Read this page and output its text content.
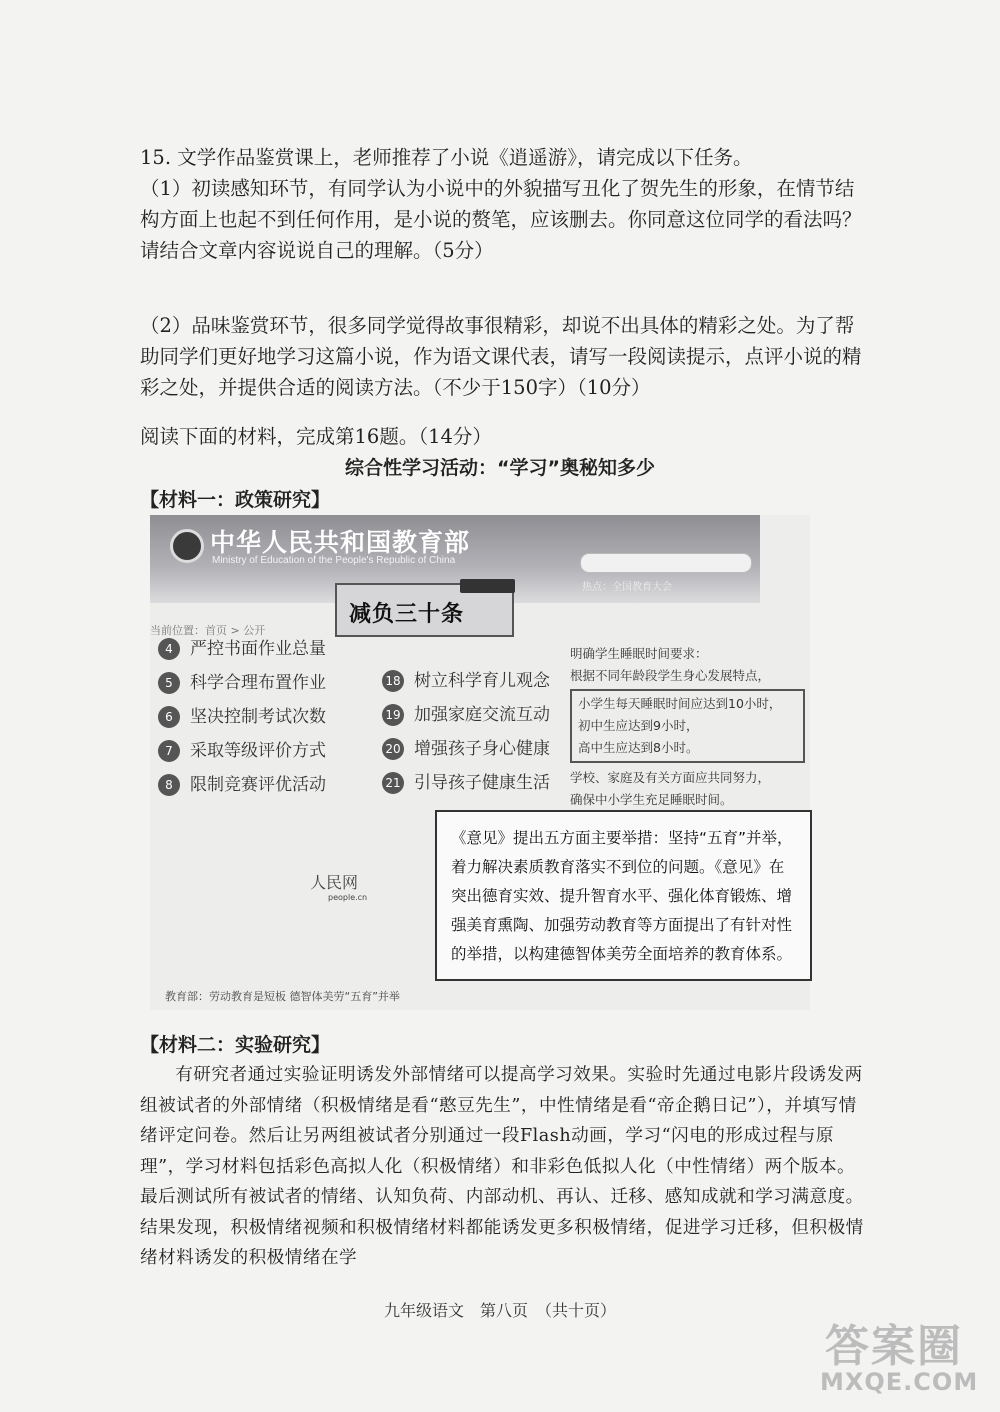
15. 文学作品鉴赏课上，老师推荐了小说《逍遥游》，请完成以下任务。

（1）初读感知环节，有同学认为小说中的外貌描写丑化了贺先生的形象，在情节结构方面上也起不到任何作用，是小说的赘笔，应该删去。你同意这位同学的看法吗？请结合文章内容说说自己的理解。（5分）

（2）品味鉴赏环节，很多同学觉得故事很精彩，却说不出具体的精彩之处。为了帮助同学们更好地学习这篇小说，作为语文课代表，请写一段阅读提示，点评小说的精彩之处，并提供合适的阅读方法。（不少于150字）（10分）

阅读下面的材料，完成第16题。（14分）

综合性学习活动：“学习”奥秘知多少
【材料一：政策研究】
中华人民共和国教育部
Ministry of Education of the People's Republic of China
热点：全国教育大会
当前位置：首页 > 公开
减负三十条
4 严控书面作业总量
5 科学合理布置作业
6 坚决控制考试次数
7 采取等级评价方式
8 限制竞赛评优活动
18 树立科学育儿观念
19 加强家庭交流互动
20 增强孩子身心健康
21 引导孩子健康生活

明确学生睡眠时间要求：

根据不同年龄段学生身心发展特点，

小学生每天睡眠时间应达到10小时，

初中生应达到9小时，

高中生应达到8小时。

学校、家庭及有关方面应共同努力，

确保中小学生充足睡眠时间。

人民网
people.cn
教育部：劳动教育是短板 德智体美劳“五育”并举

《意见》提出五方面主要举措：坚持“五育”并举，着力解决素质教育落实不到位的问题。《意见》在突出德育实效、提升智育水平、强化体育锻炼、增强美育熏陶、加强劳动教育等方面提出了有针对性的举措，以构建德智体美劳全面培养的教育体系。

【材料二：实验研究】

有研究者通过实验证明诱发外部情绪可以提高学习效果。实验时先通过电影片段诱发两组被试者的外部情绪（积极情绪是看“憨豆先生”，中性情绪是看“帝企鹅日记”），并填写情绪评定问卷。然后让另两组被试者分别通过一段Flash动画，学习“闪电的形成过程与原理”，学习材料包括彩色高拟人化（积极情绪）和非彩色低拟人化（中性情绪）两个版本。最后测试所有被试者的情绪、认知负荷、内部动机、再认、迁移、感知成就和学习满意度。结果发现，积极情绪视频和积极情绪材料都能诱发更多积极情绪，促进学习迁移，但积极情绪材料诱发的积极情绪在学

九年级语文　第八页　（共十页）
答案圈
MXQE.COM
